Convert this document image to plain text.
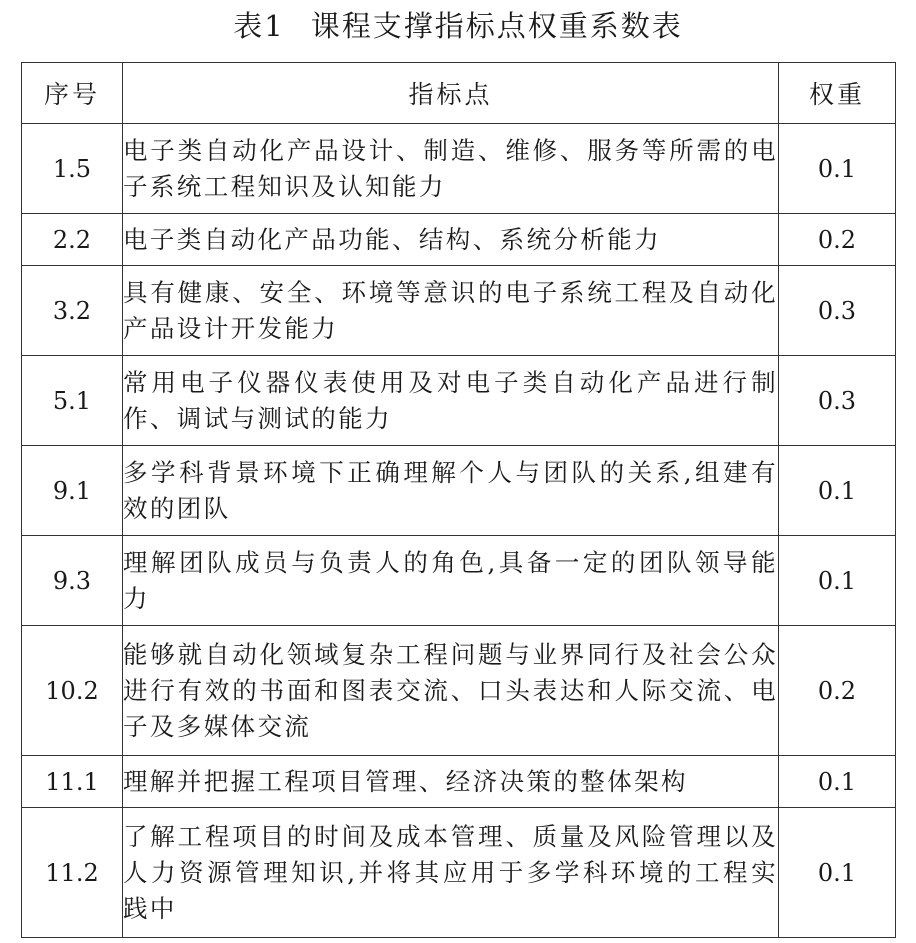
表1 课程支撑指标点权重系数表
序号	指标点	权重
1.5	电子类自动化产品设计、制造、维修、服务等所需的电子系统工程知识及认知能力	0.1
2.2	电子类自动化产品功能、结构、系统分析能力	0.2
3.2	具有健康、安全、环境等意识的电子系统工程及自动化产品设计开发能力	0.3
5.1	常用电子仪器仪表使用及对电子类自动化产品进行制作、调试与测试的能力	0.3
9.1	多学科背景环境下正确理解个人与团队的关系,组建有效的团队	0.1
9.3	理解团队成员与负责人的角色,具备一定的团队领导能力	0.1
10.2	能够就自动化领域复杂工程问题与业界同行及社会公众进行有效的书面和图表交流、口头表达和人际交流、电子及多媒体交流	0.2
11.1	理解并把握工程项目管理、经济决策的整体架构	0.1
11.2	了解工程项目的时间及成本管理、质量及风险管理以及人力资源管理知识,并将其应用于多学科环境的工程实践中	0.1
